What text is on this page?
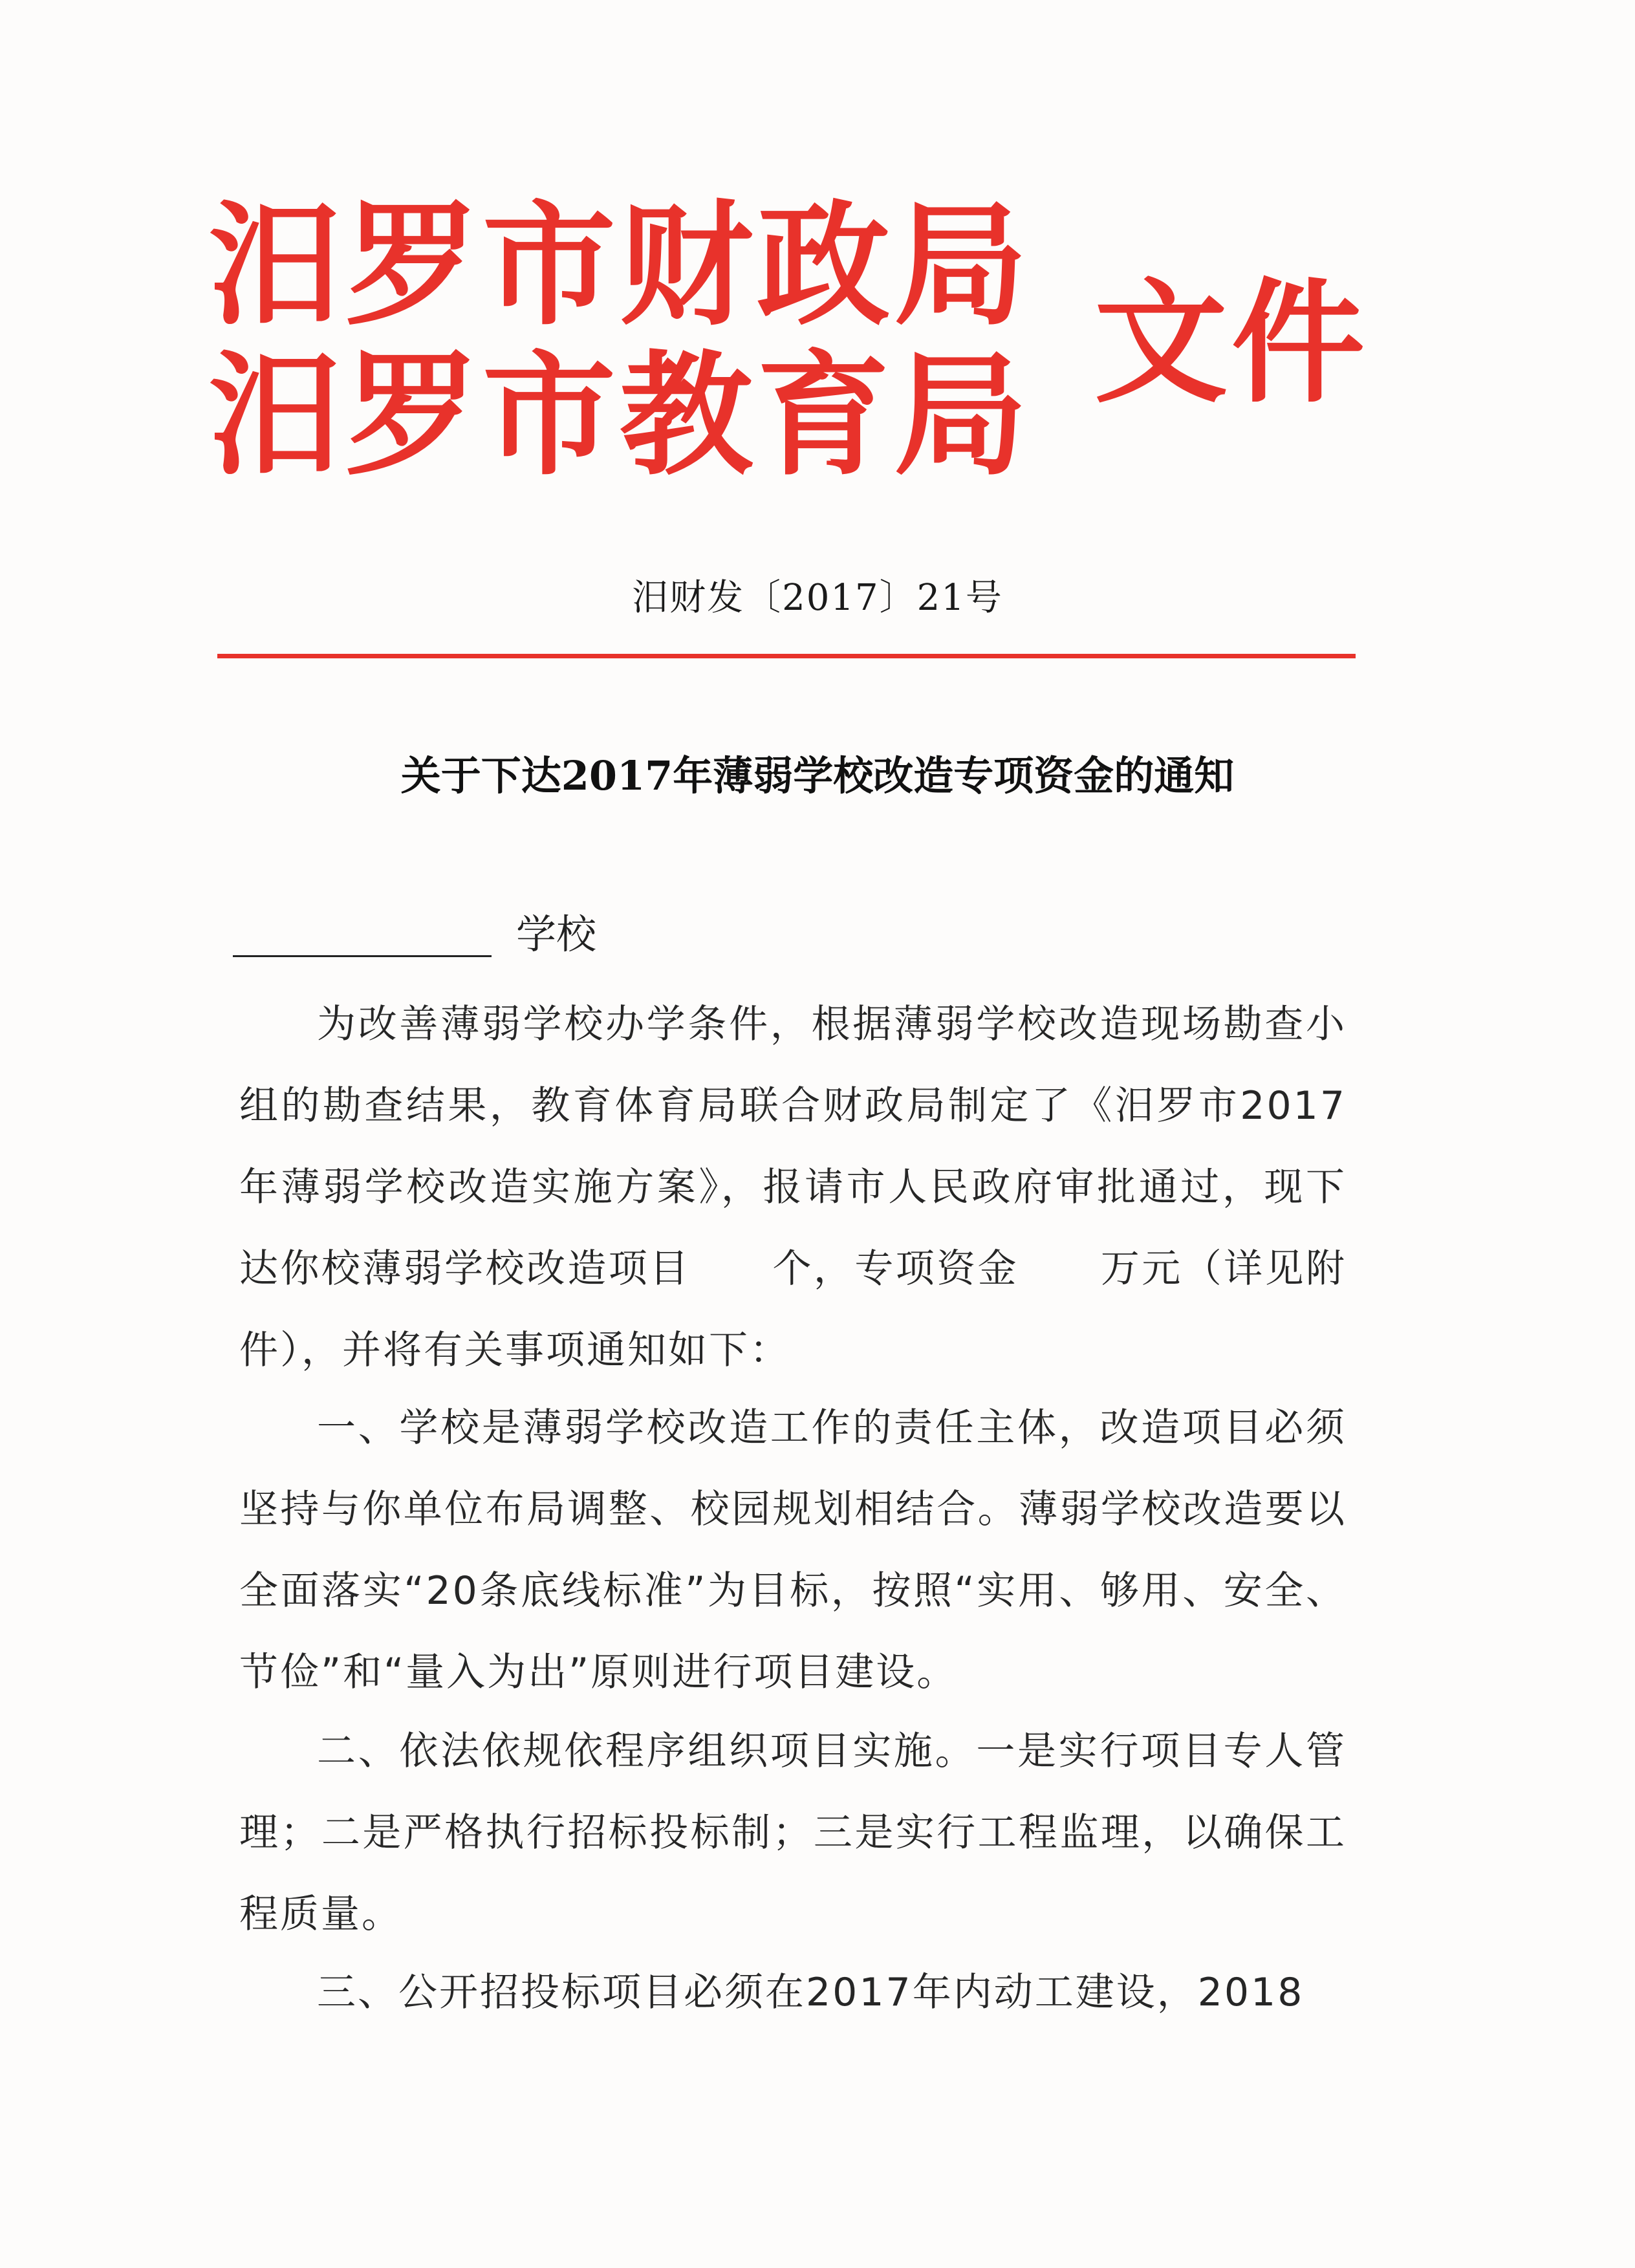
汨罗市财政局
汨罗市教育局 文件
汨财发〔2017〕21号
关于下达2017年薄弱学校改造专项资金的通知
学校

为改善薄弱学校办学条件，根据薄弱学校改造现场勘查小组的勘查结果，教育体育局联合财政局制定了《汨罗市2017年薄弱学校改造实施方案》，报请市人民政府审批通过，现下达你校薄弱学校改造项目　　个，专项资金　　万元（详见附件），并将有关事项通知如下：

一、学校是薄弱学校改造工作的责任主体，改造项目必须坚持与你单位布局调整、校园规划相结合。薄弱学校改造要以全面落实“20条底线标准”为目标，按照“实用、够用、安全、节俭”和“量入为出”原则进行项目建设。

二、依法依规依程序组织项目实施。一是实行项目专人管理；二是严格执行招标投标制；三是实行工程监理，以确保工程质量。

三、公开招投标项目必须在2017年内动工建设，2018
